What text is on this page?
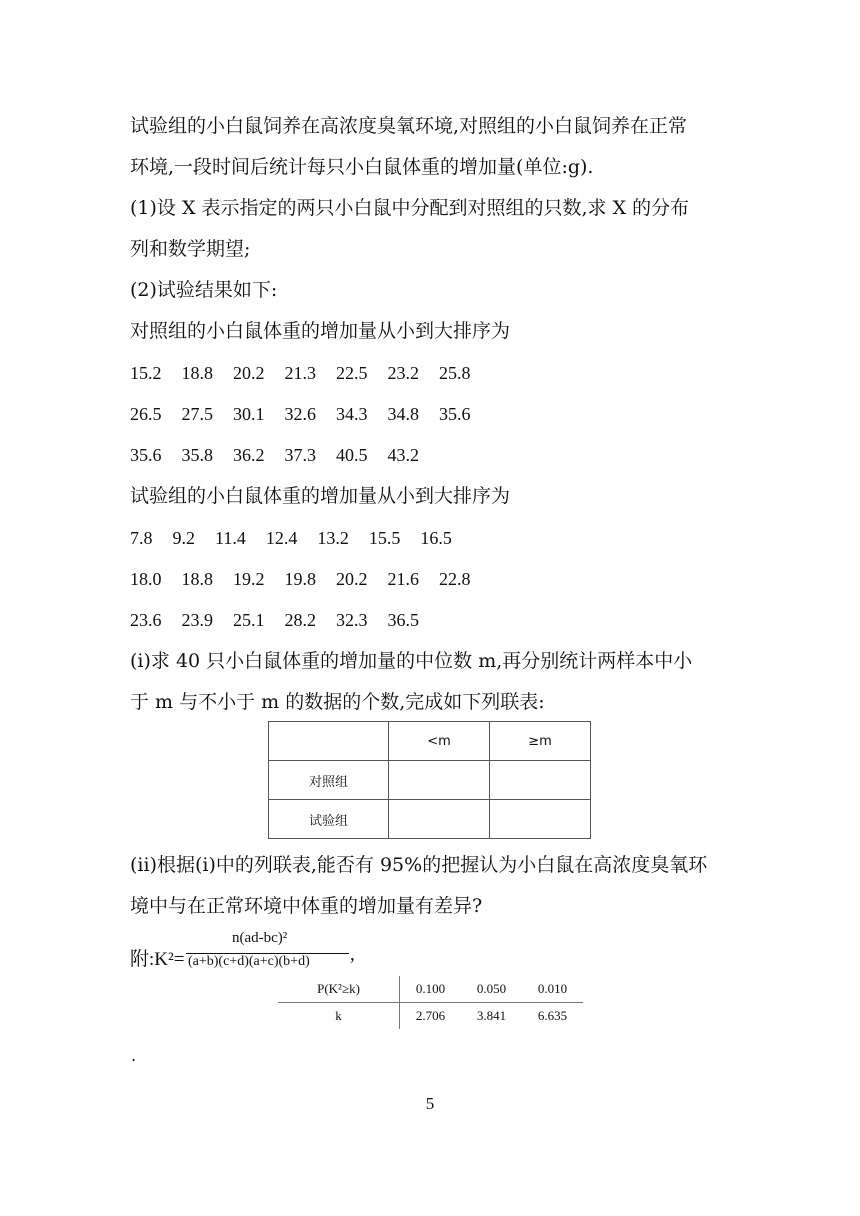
试验组的小白鼠饲养在高浓度臭氧环境,对照组的小白鼠饲养在正常
环境,一段时间后统计每只小白鼠体重的增加量(单位:g).
(1)设 X 表示指定的两只小白鼠中分配到对照组的只数,求 X 的分布
列和数学期望;
(2)试验结果如下:
对照组的小白鼠体重的增加量从小到大排序为
15.2 18.8 20.2 21.3 22.5 23.2 25.8
26.5 27.5 30.1 32.6 34.3 34.8 35.6
35.6 35.8 36.2 37.3 40.5 43.2
试验组的小白鼠体重的增加量从小到大排序为
7.8 9.2 11.4 12.4 13.2 15.5 16.5
18.0 18.8 19.2 19.8 20.2 21.6 22.8
23.6 23.9 25.1 28.2 32.3 36.5
(i)求 40 只小白鼠体重的增加量的中位数 m,再分别统计两样本中小
于 m 与不小于 m 的数据的个数,完成如下列联表:
	<m	≥m
对照组		
试验组		
(ii)根据(i)中的列联表,能否有 95%的把握认为小白鼠在高浓度臭氧环
境中与在正常环境中体重的增加量有差异?
附:K²=
n(ad-bc)²
(a+b)(c+d)(a+c)(b+d) ,
P(K²≥k)	0.100	0.050	0.010
k	2.706	3.841	6.635
.
5
